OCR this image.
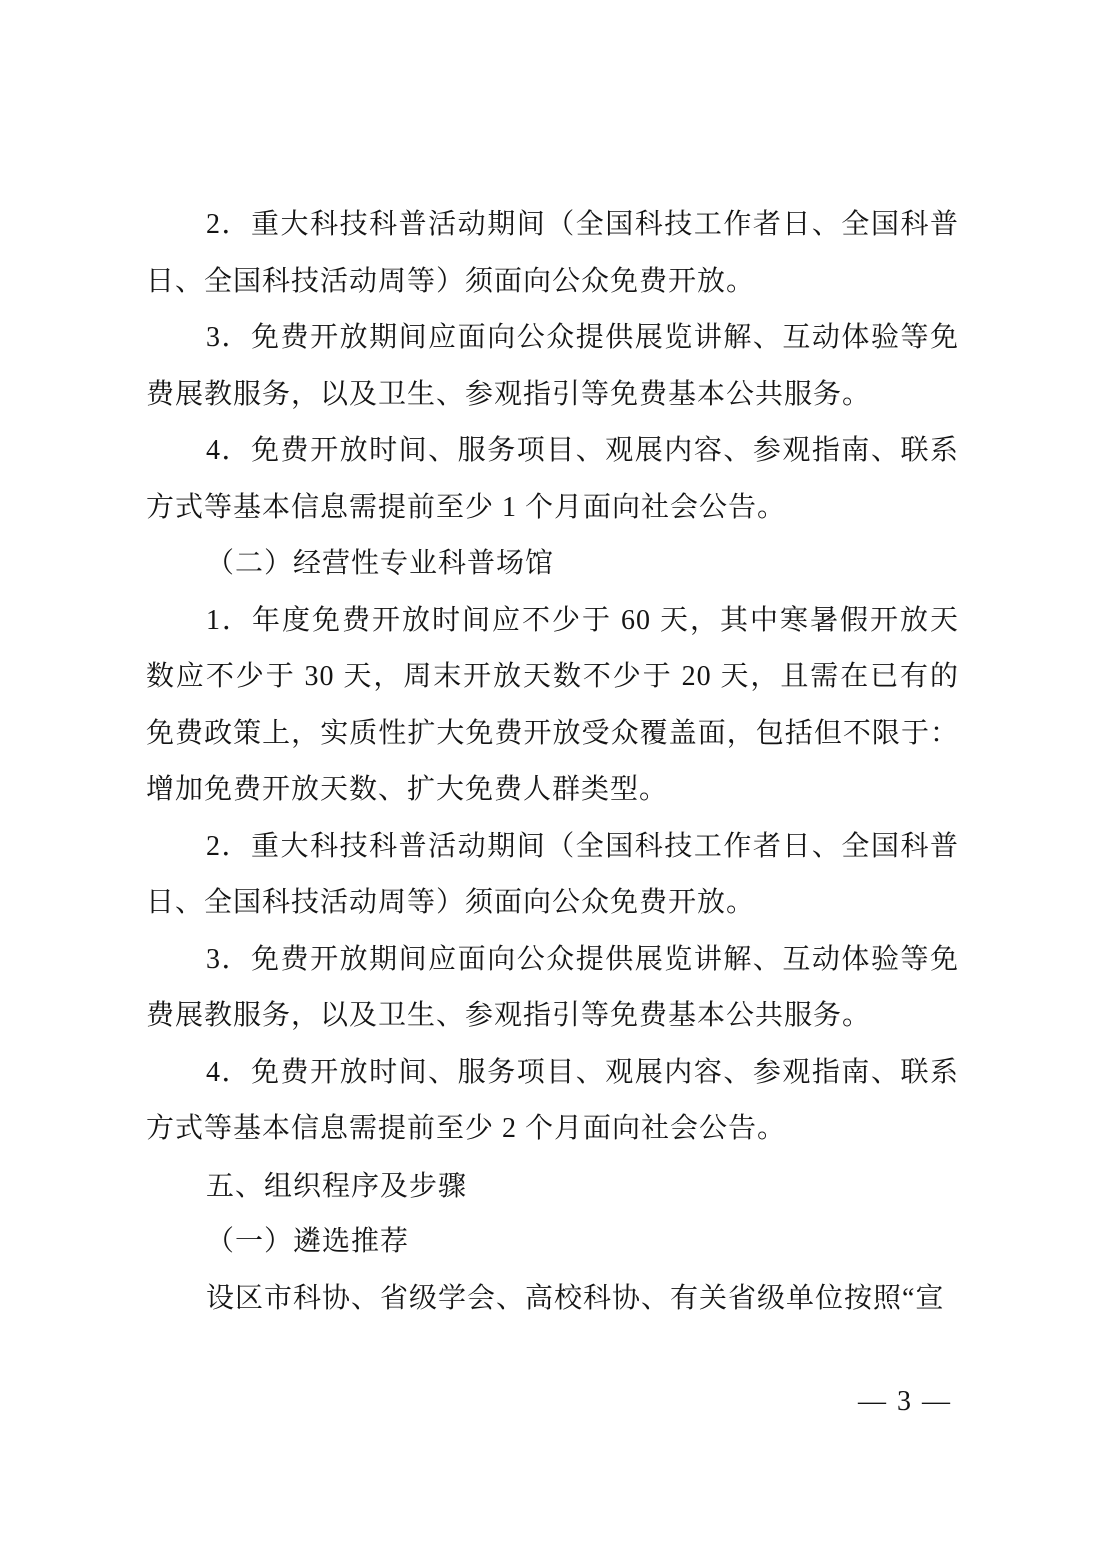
2．重大科技科普活动期间（全国科技工作者日、全国科普日、全国科技活动周等）须面向公众免费开放。

3．免费开放期间应面向公众提供展览讲解、互动体验等免费展教服务，以及卫生、参观指引等免费基本公共服务。

4．免费开放时间、服务项目、观展内容、参观指南、联系方式等基本信息需提前至少 1 个月面向社会公告。

（二）经营性专业科普场馆

1．年度免费开放时间应不少于 60 天，其中寒暑假开放天数应不少于 30 天，周末开放天数不少于 20 天，且需在已有的免费政策上，实质性扩大免费开放受众覆盖面，包括但不限于：增加免费开放天数、扩大免费人群类型。

2．重大科技科普活动期间（全国科技工作者日、全国科普日、全国科技活动周等）须面向公众免费开放。

3．免费开放期间应面向公众提供展览讲解、互动体验等免费展教服务，以及卫生、参观指引等免费基本公共服务。

4．免费开放时间、服务项目、观展内容、参观指南、联系方式等基本信息需提前至少 2 个月面向社会公告。

五、组织程序及步骤

（一）遴选推荐

设区市科协、省级学会、高校科协、有关省级单位按照“宣

— 3 —
